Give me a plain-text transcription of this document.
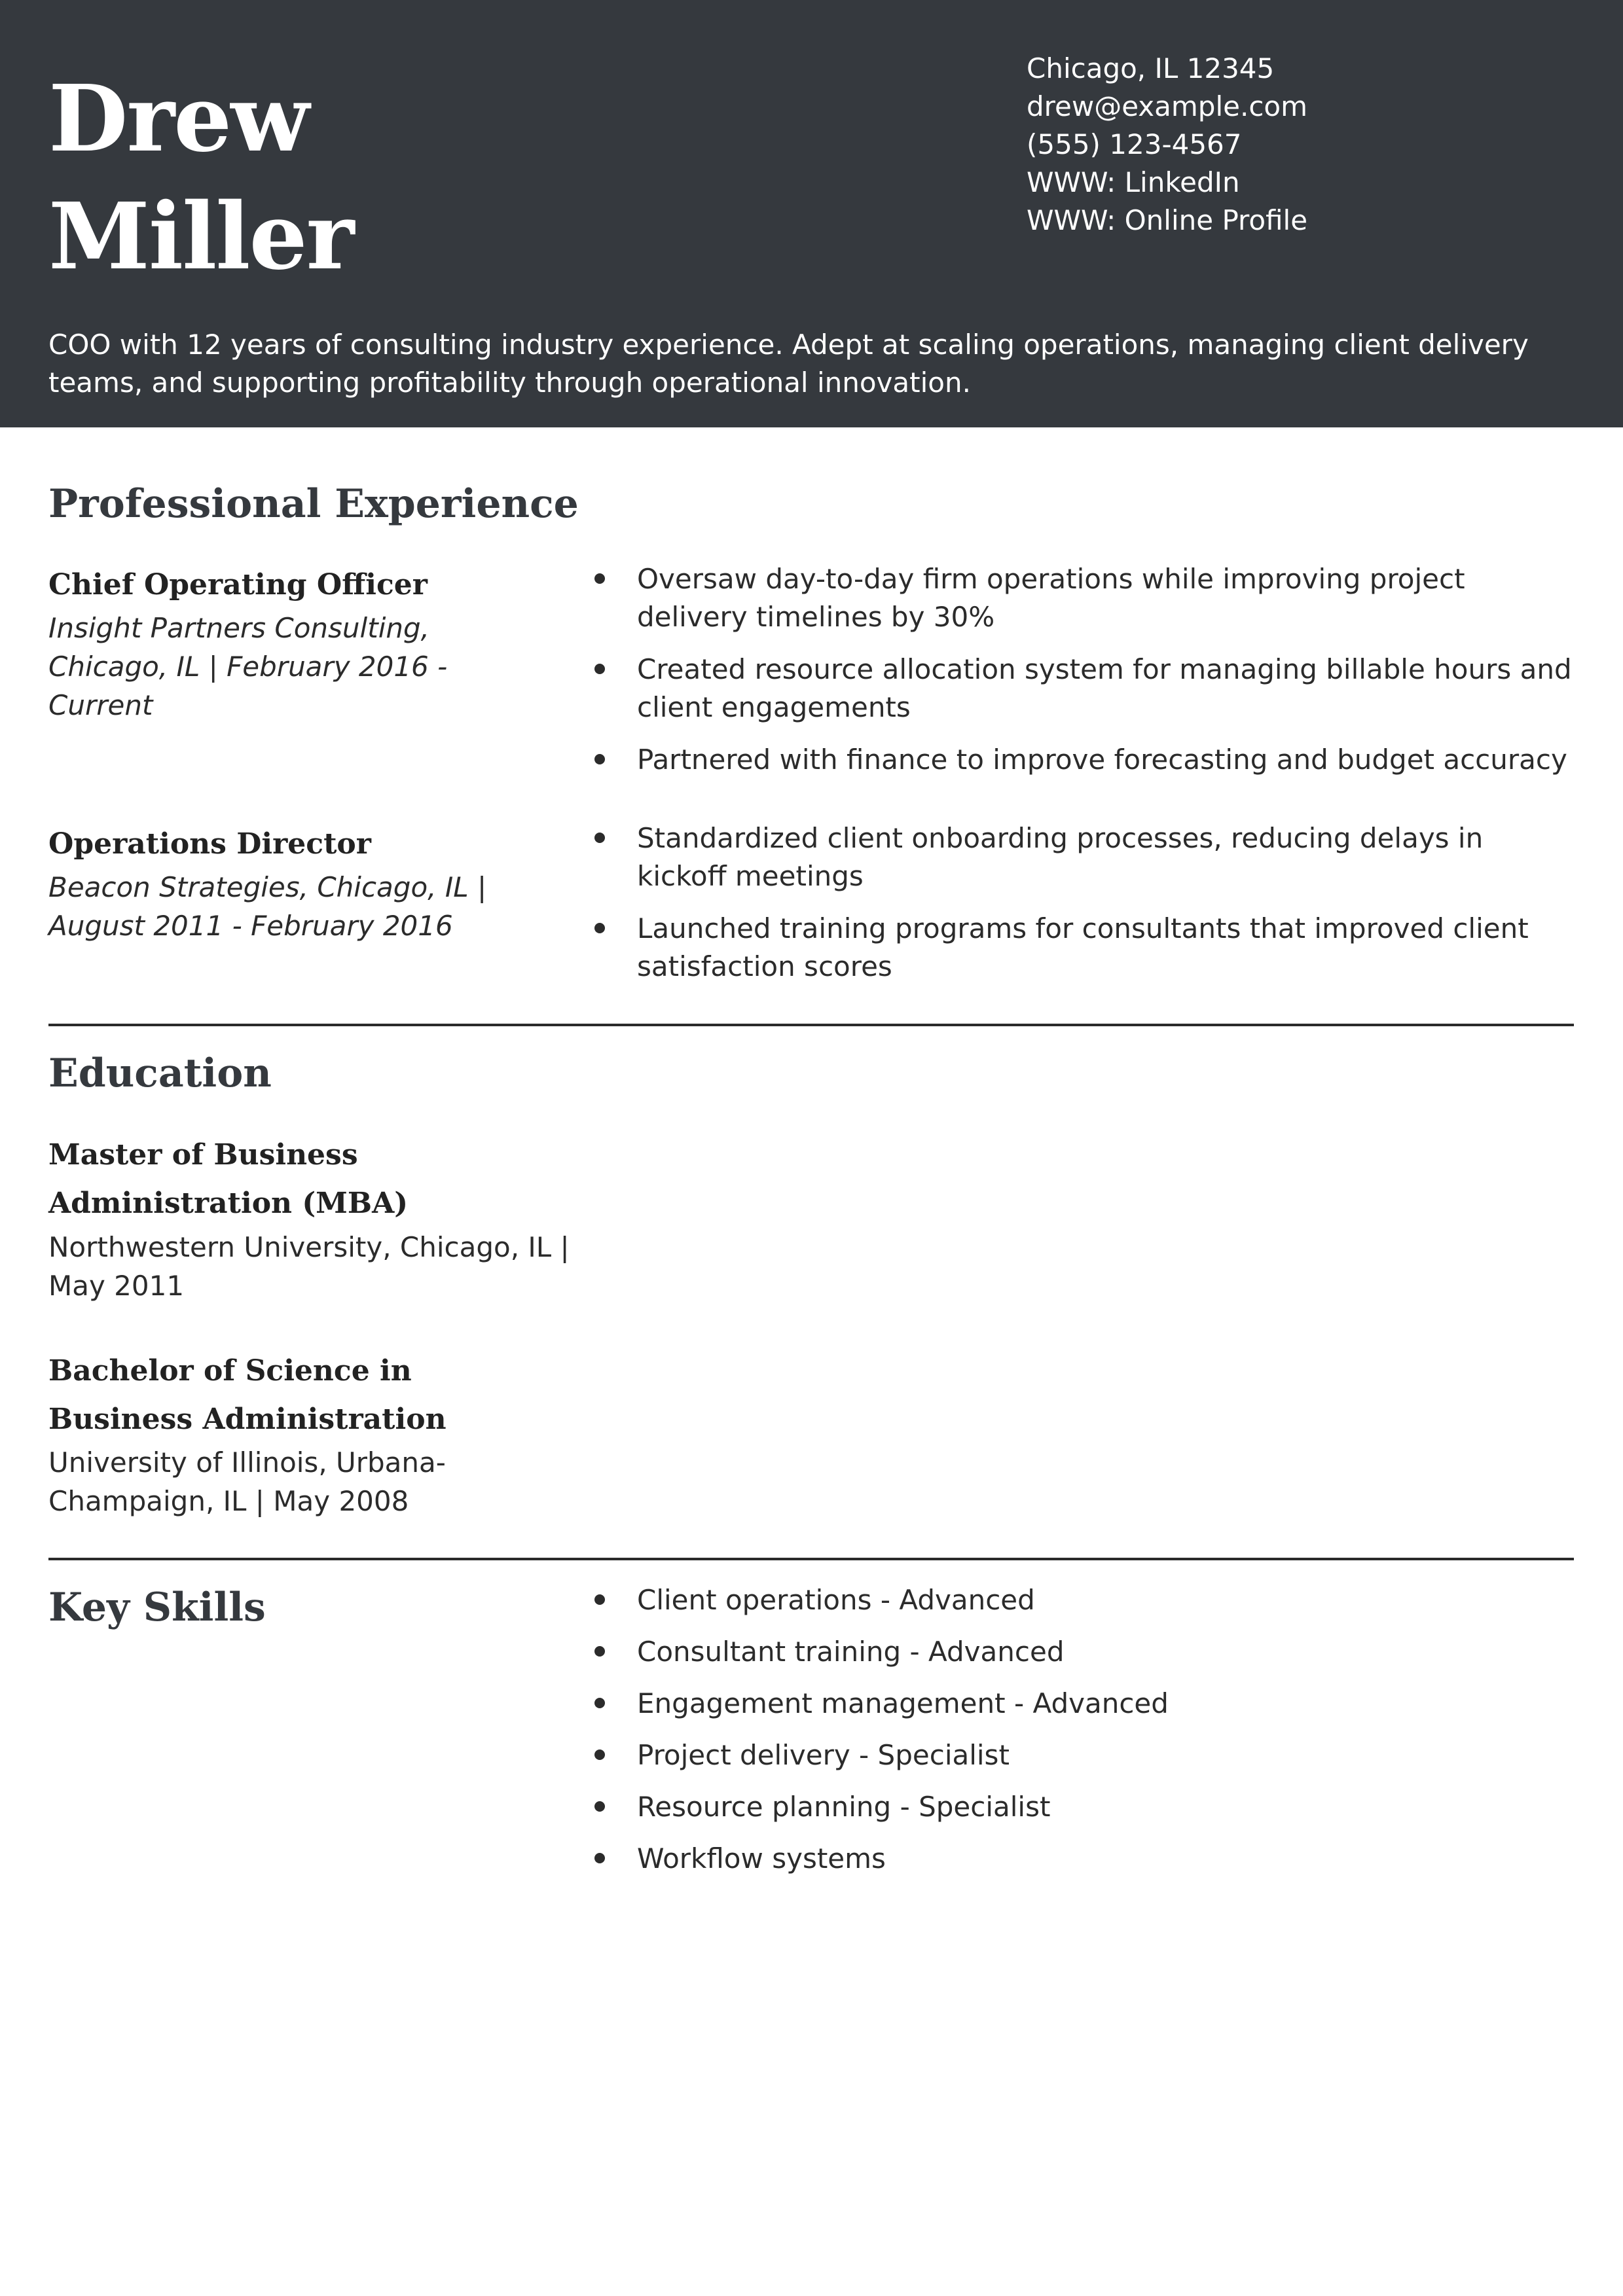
Drew
Miller
Chicago, IL 12345
drew@example.com
(555) 123-4567
WWW: LinkedIn
WWW: Online Profile
COO with 12 years of consulting industry experience. Adept at scaling operations, managing client delivery teams, and supporting profitability through operational innovation.
Professional Experience
Chief Operating Officer
Insight Partners Consulting, Chicago, IL | February 2016 - Current
Oversaw day-to-day firm operations while improving project delivery timelines by 30%
Created resource allocation system for managing billable hours and client engagements
Partnered with finance to improve forecasting and budget accuracy
Operations Director
Beacon Strategies, Chicago, IL | August 2011 - February 2016
Standardized client onboarding processes, reducing delays in kickoff meetings
Launched training programs for consultants that improved client satisfaction scores
Education
Master of Business Administration (MBA)
Northwestern University, Chicago, IL | May 2011
Bachelor of Science in Business Administration
University of Illinois, Urbana-Champaign, IL | May 2008
Key Skills	Client operations - Advanced
Consultant training - Advanced
Engagement management - Advanced
Project delivery - Specialist
Resource planning - Specialist
Workflow systems
